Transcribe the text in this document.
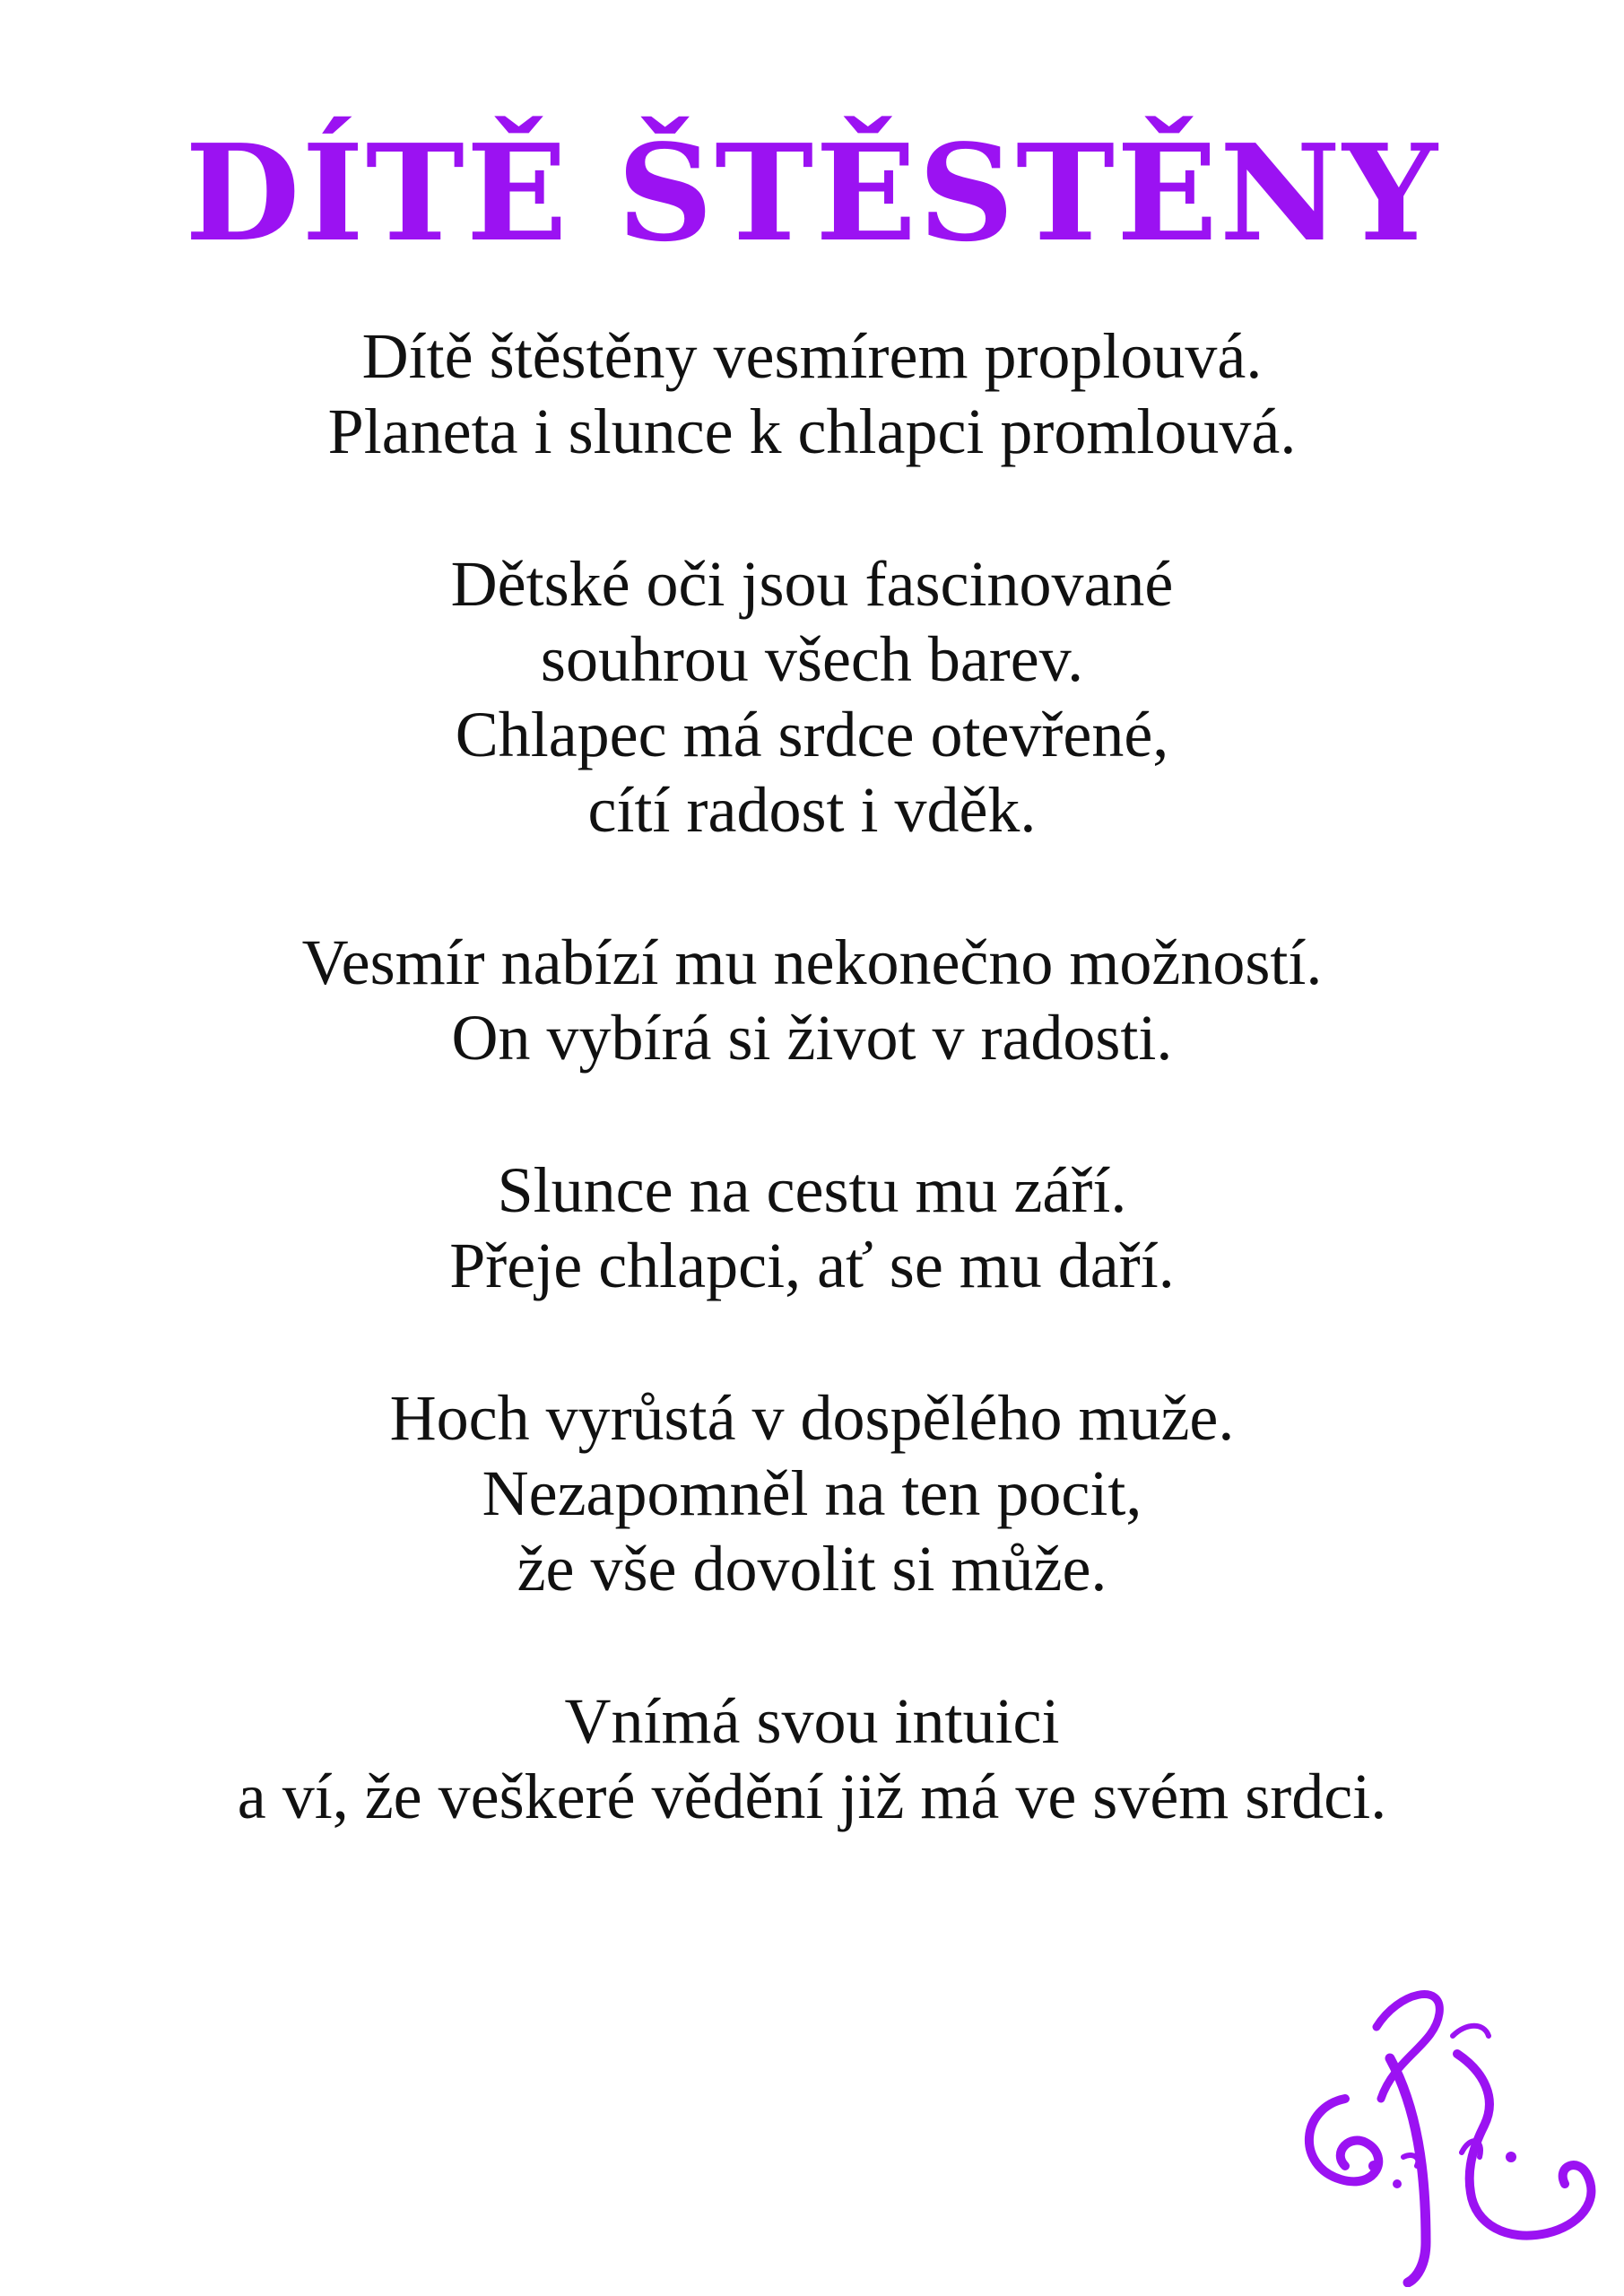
DÍTĚ ŠTĚSTĚNY

Dítě štěstěny vesmírem proplouvá.
Planeta i slunce k chlapci promlouvá.

Dětské oči jsou fascinované
souhrou všech barev.
Chlapec má srdce otevřené,
cítí radost i vděk.

Vesmír nabízí mu nekonečno možností.
On vybírá si život v radosti.

Slunce na cestu mu září.
Přeje chlapci, ať se mu daří.

Hoch vyrůstá v dospělého muže.
Nezapomněl na ten pocit,
že vše dovolit si může.

Vnímá svou intuici
a ví, že veškeré vědění již má ve svém srdci.
